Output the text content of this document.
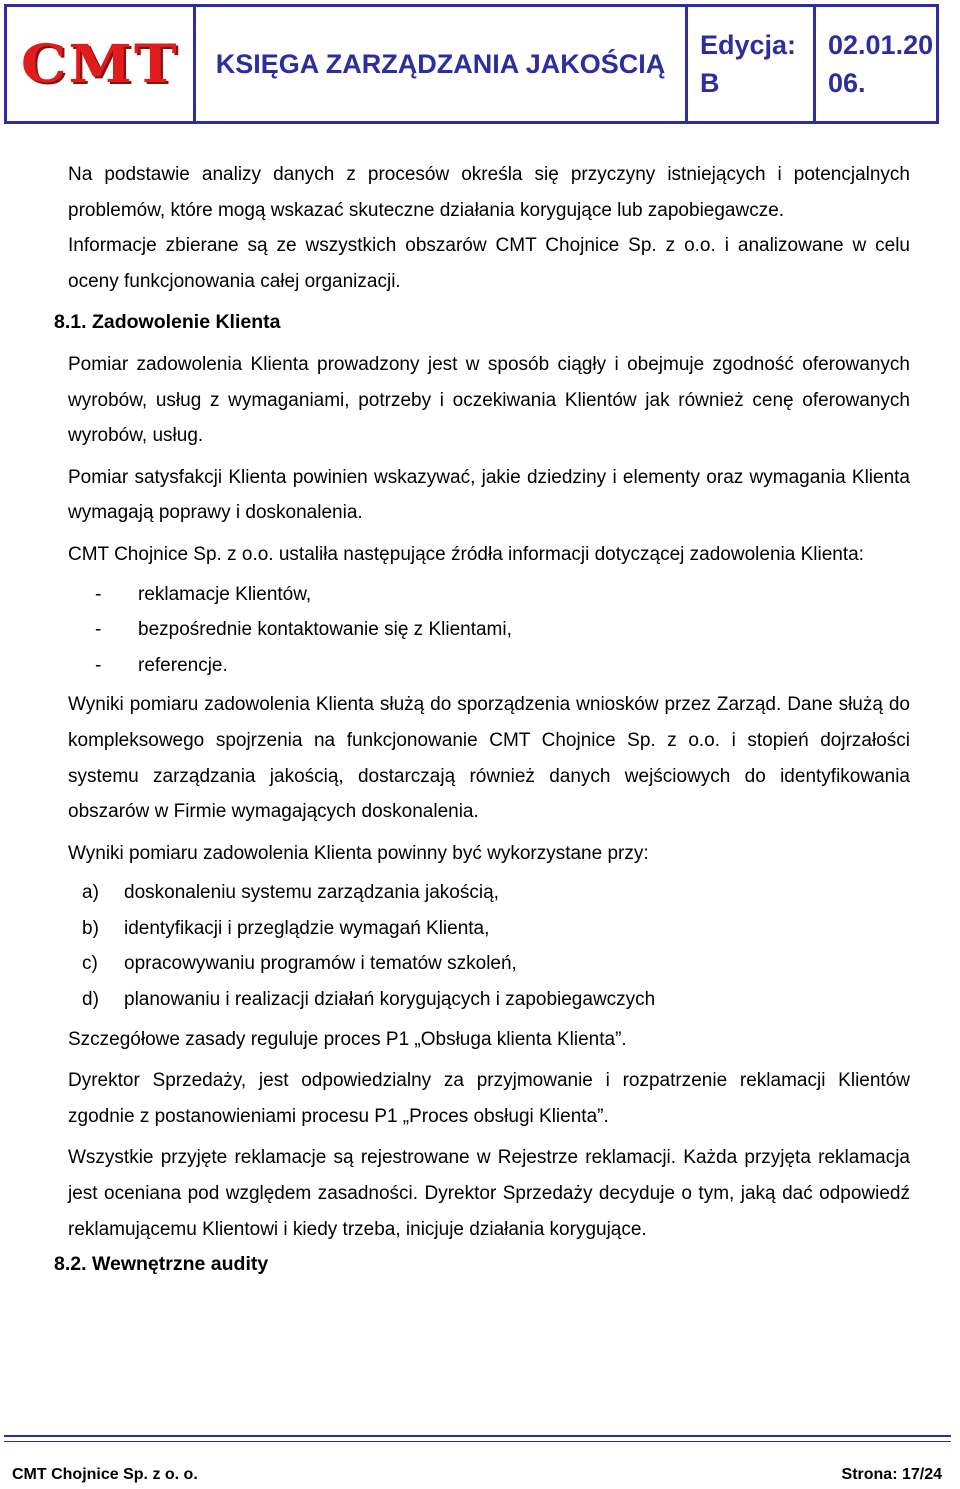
CMT KSIĘGA ZARZĄDZANIA JAKOŚCIĄ
Edycja:
B
02.01.20
06.

Na podstawie analizy danych z procesów określa się przyczyny istniejących i potencjalnych problemów, które mogą wskazać skuteczne działania korygujące lub zapobiegawcze.

Informacje zbierane są ze wszystkich obszarów CMT Chojnice Sp. z o.o. i analizowane w celu oceny funkcjonowania całej organizacji.

8.1. Zadowolenie Klienta

Pomiar zadowolenia Klienta prowadzony jest w sposób ciągły i obejmuje zgodność oferowanych wyrobów, usług z wymaganiami, potrzeby i oczekiwania Klientów jak również cenę oferowanych wyrobów, usług.

Pomiar satysfakcji Klienta powinien wskazywać, jakie dziedziny i elementy oraz wymagania Klienta wymagają poprawy i doskonalenia.

CMT Chojnice Sp. z o.o. ustaliła następujące źródła informacji dotyczącej zadowolenia Klienta:

-	reklamacje Klientów,
-	bezpośrednie kontaktowanie się z Klientami,
-	referencje.

Wyniki pomiaru zadowolenia Klienta służą do sporządzenia wniosków przez Zarząd. Dane służą do kompleksowego spojrzenia na funkcjonowanie CMT Chojnice Sp. z o.o. i stopień dojrzałości systemu zarządzania jakością, dostarczają również danych wejściowych do identyfikowania obszarów w Firmie wymagających doskonalenia.

Wyniki pomiaru zadowolenia Klienta powinny być wykorzystane przy:

a)	doskonaleniu systemu zarządzania jakością,
b)	identyfikacji i przeglądzie wymagań Klienta,
c)	opracowywaniu programów i tematów szkoleń,
d)	planowaniu i realizacji działań korygujących i zapobiegawczych

Szczegółowe zasady reguluje proces P1 „Obsługa klienta Klienta”.

Dyrektor Sprzedaży, jest odpowiedzialny za przyjmowanie i rozpatrzenie reklamacji Klientów zgodnie z postanowieniami procesu P1 „Proces obsługi Klienta”.

Wszystkie przyjęte reklamacje są rejestrowane w Rejestrze reklamacji. Każda przyjęta reklamacja jest oceniana pod względem zasadności. Dyrektor Sprzedaży decyduje o tym, jaką dać odpowiedź reklamującemu Klientowi i kiedy trzeba, inicjuje działania korygujące.

8.2. Wewnętrzne audity

CMT Chojnice Sp. z o. o.	Strona: 17/24
